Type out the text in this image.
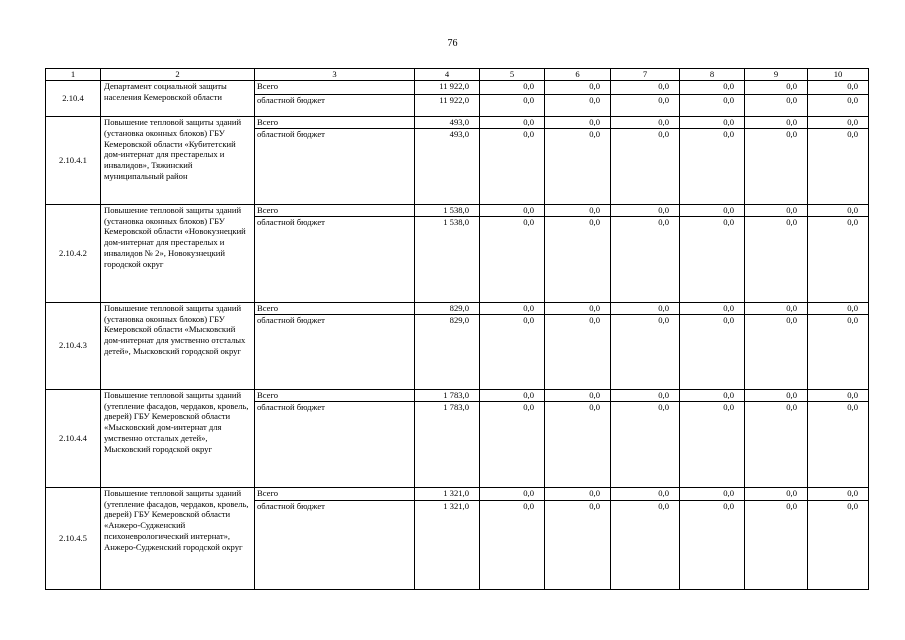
76
1	2	3	4	5	6	7	8	9	10
2.10.4	Департамент социальной защиты населения Кемеровской области	Всего	11 922,0	0,0	0,0	0,0	0,0	0,0	0,0
		областной бюджет	11 922,0	0,0	0,0	0,0	0,0	0,0	0,0
2.10.4.1	Повышение тепловой защиты зданий (установка оконных блоков) ГБУ Кемеровской области «Кубитетский дом-интернат для престарелых и инвалидов», Тяжинский муниципальный район	Всего	493,0	0,0	0,0	0,0	0,0	0,0	0,0
		областной бюджет	493,0	0,0	0,0	0,0	0,0	0,0	0,0
2.10.4.2	Повышение тепловой защиты зданий (установка оконных блоков) ГБУ Кемеровской области «Новокузнецкий дом-интернат для престарелых и инвалидов № 2», Новокузнецкий городской округ	Всего	1 538,0	0,0	0,0	0,0	0,0	0,0	0,0
		областной бюджет	1 538,0	0,0	0,0	0,0	0,0	0,0	0,0
2.10.4.3	Повышение тепловой защиты зданий (установка оконных блоков) ГБУ Кемеровской области «Мысковский дом-интернат для умственно отсталых детей», Мысковский городской округ	Всего	829,0	0,0	0,0	0,0	0,0	0,0	0,0
		областной бюджет	829,0	0,0	0,0	0,0	0,0	0,0	0,0
2.10.4.4	Повышение тепловой защиты зданий (утепление фасадов, чердаков, кровель, дверей) ГБУ Кемеровской области «Мысковский дом-интернат для умственно отсталых детей», Мысковский городской округ	Всего	1 783,0	0,0	0,0	0,0	0,0	0,0	0,0
		областной бюджет	1 783,0	0,0	0,0	0,0	0,0	0,0	0,0
2.10.4.5	Повышение тепловой защиты зданий (утепление фасадов, чердаков, кровель, дверей) ГБУ Кемеровской области «Анжеро-Судженский психоневрологический интернат», Анжеро-Судженский городской округ	Всего	1 321,0	0,0	0,0	0,0	0,0	0,0	0,0
		областной бюджет	1 321,0	0,0	0,0	0,0	0,0	0,0	0,0
